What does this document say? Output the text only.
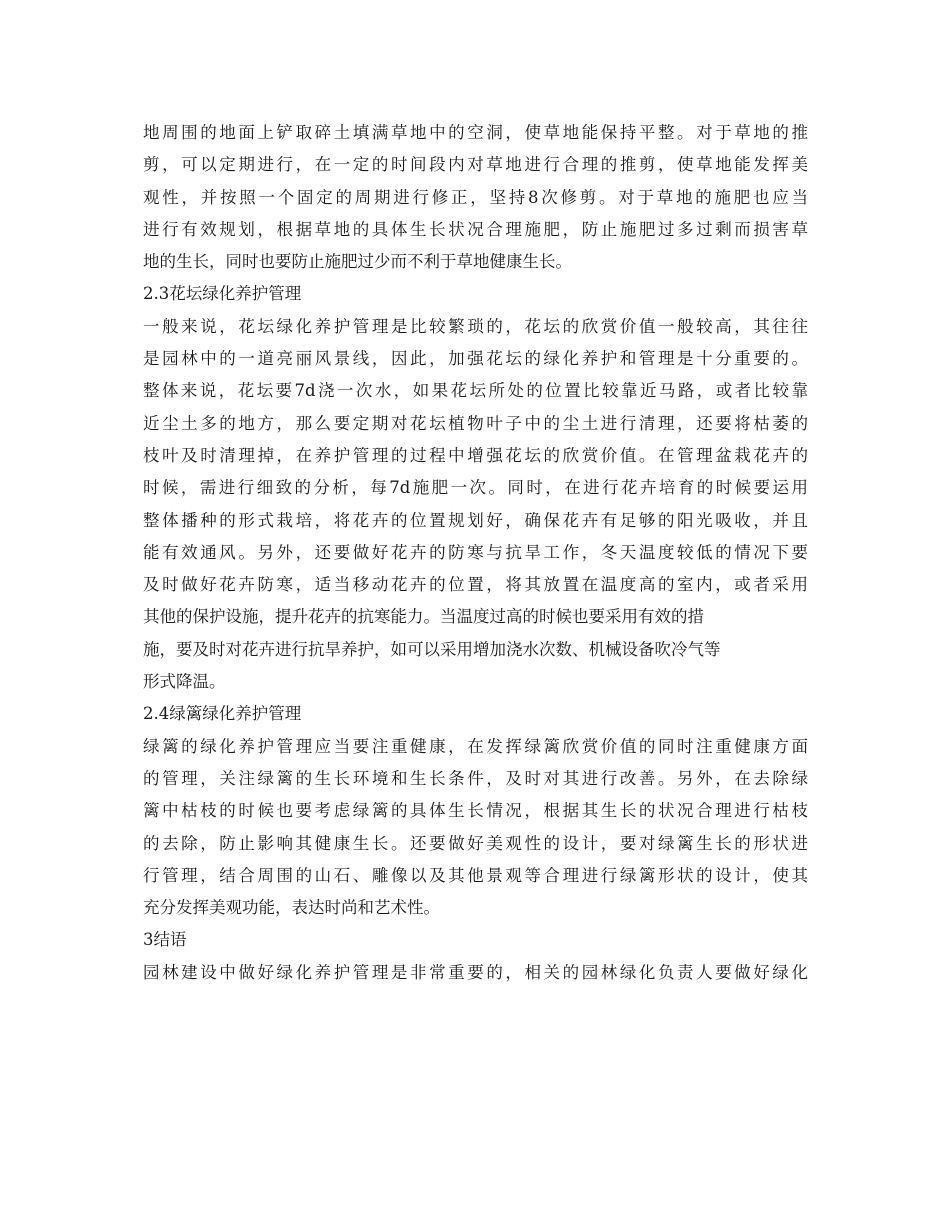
地周围的地面上铲取碎土填满草地中的空洞，使草地能保持平整。对于草地的推
剪，可以定期进行，在一定的时间段内对草地进行合理的推剪，使草地能发挥美
观性，并按照一个固定的周期进行修正，坚持8次修剪。对于草地的施肥也应当
进行有效规划，根据草地的具体生长状况合理施肥，防止施肥过多过剩而损害草
地的生长，同时也要防止施肥过少而不利于草地健康生长。
2.3花坛绿化养护管理
一般来说，花坛绿化养护管理是比较繁琐的，花坛的欣赏价值一般较高，其往往
是园林中的一道亮丽风景线，因此，加强花坛的绿化养护和管理是十分重要的。
整体来说，花坛要7d浇一次水，如果花坛所处的位置比较靠近马路，或者比较靠
近尘土多的地方，那么要定期对花坛植物叶子中的尘土进行清理，还要将枯萎的
枝叶及时清理掉，在养护管理的过程中增强花坛的欣赏价值。在管理盆栽花卉的
时候，需进行细致的分析，每7d施肥一次。同时，在进行花卉培育的时候要运用
整体播种的形式栽培，将花卉的位置规划好，确保花卉有足够的阳光吸收，并且
能有效通风。另外，还要做好花卉的防寒与抗旱工作，冬天温度较低的情况下要
及时做好花卉防寒，适当移动花卉的位置，将其放置在温度高的室内，或者采用
其他的保护设施，提升花卉的抗寒能力。当温度过高的时候也要采用有效的措
施，要及时对花卉进行抗旱养护，如可以采用增加浇水次数、机械设备吹冷气等
形式降温。
2.4绿篱绿化养护管理
绿篱的绿化养护管理应当要注重健康，在发挥绿篱欣赏价值的同时注重健康方面
的管理，关注绿篱的生长环境和生长条件，及时对其进行改善。另外，在去除绿
篱中枯枝的时候也要考虑绿篱的具体生长情况，根据其生长的状况合理进行枯枝
的去除，防止影响其健康生长。还要做好美观性的设计，要对绿篱生长的形状进
行管理，结合周围的山石、雕像以及其他景观等合理进行绿篱形状的设计，使其
充分发挥美观功能，表达时尚和艺术性。
3结语
园林建设中做好绿化养护管理是非常重要的，相关的园林绿化负责人要做好绿化
